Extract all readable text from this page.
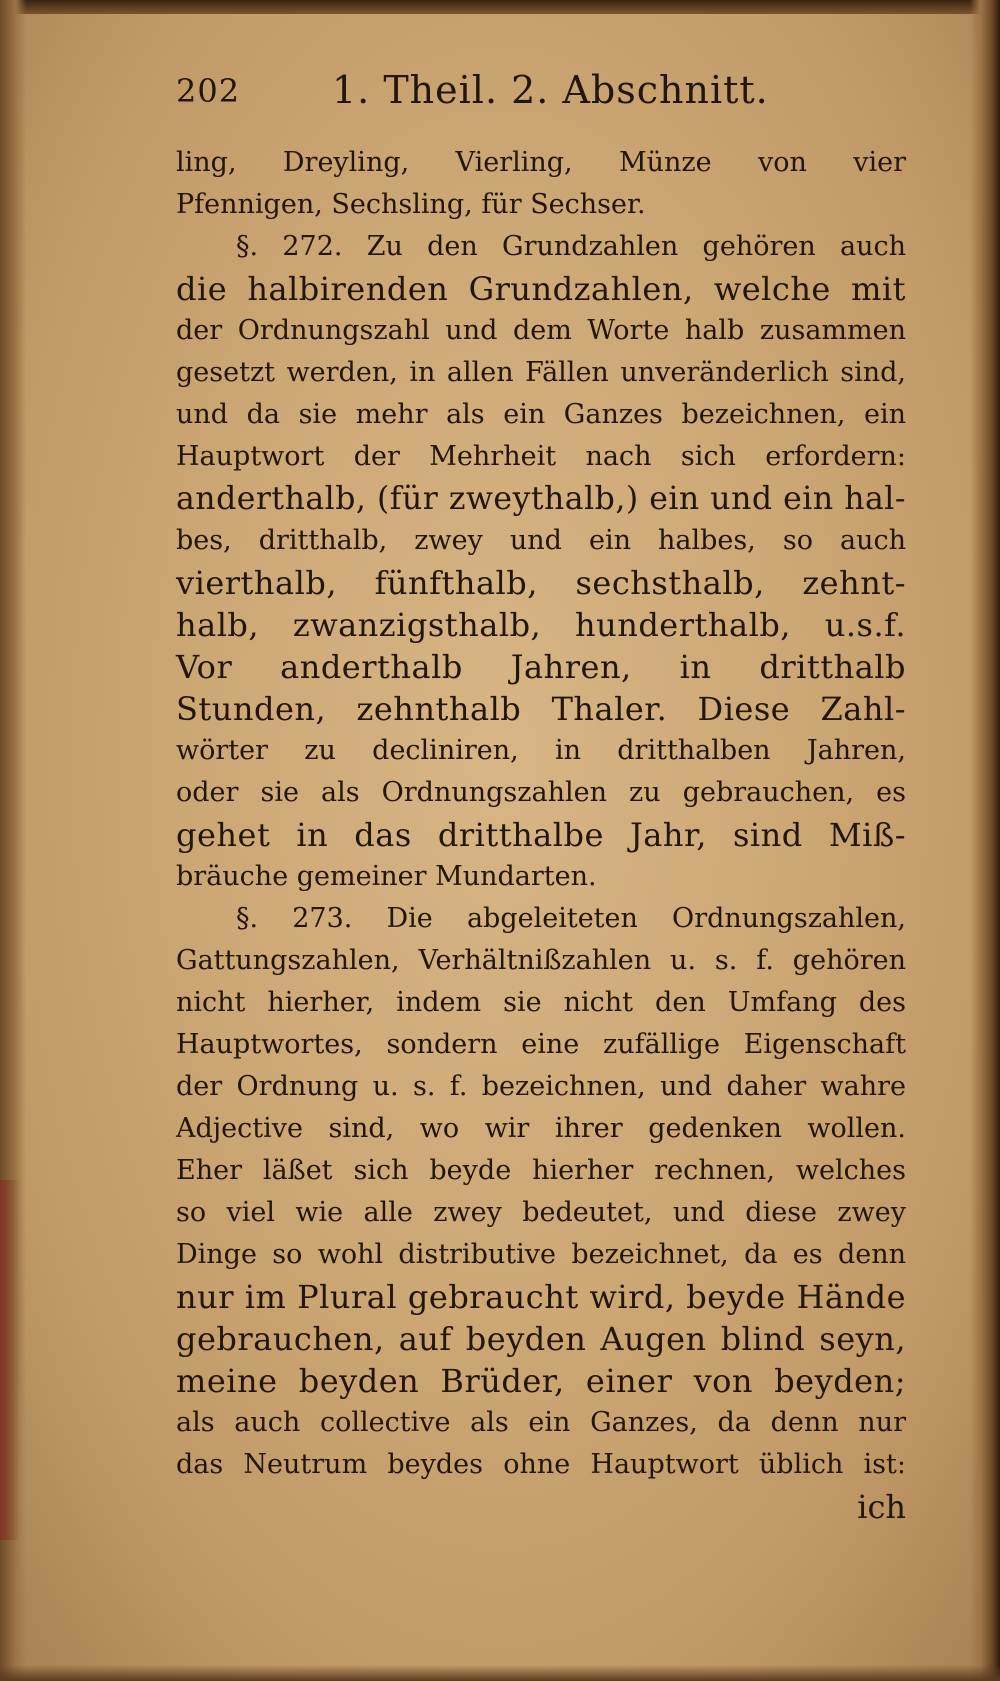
202 1. Theil. 2. Abschnitt.
ling, Dreyling, Vierling, Münze von vier
Pfennigen, Sechsling, für Sechser.
§. 272. Zu den Grundzahlen gehören auch
die halbirenden Grundzahlen, welche mit
der Ordnungszahl und dem Worte halb zusammen
gesetzt werden, in allen Fällen unveränderlich sind,
und da sie mehr als ein Ganzes bezeichnen, ein
Hauptwort der Mehrheit nach sich erfordern:
anderthalb, (für zweythalb,) ein und ein hal-
bes, dritthalb, zwey und ein halbes, so auch
vierthalb, fünfthalb, sechsthalb, zehnt-
halb, zwanzigsthalb, hunderthalb, u.s.f.
Vor anderthalb Jahren, in dritthalb
Stunden, zehnthalb Thaler. Diese Zahl-
wörter zu decliniren, in dritthalben Jahren,
oder sie als Ordnungszahlen zu gebrauchen, es
gehet in das dritthalbe Jahr, sind Miß-
bräuche gemeiner Mundarten.
§. 273. Die abgeleiteten Ordnungszahlen,
Gattungszahlen, Verhältnißzahlen u. s. f. gehören
nicht hierher, indem sie nicht den Umfang des
Hauptwortes, sondern eine zufällige Eigenschaft
der Ordnung u. s. f. bezeichnen, und daher wahre
Adjective sind, wo wir ihrer gedenken wollen.
Eher läßet sich beyde hierher rechnen, welches
so viel wie alle zwey bedeutet, und diese zwey
Dinge so wohl distributive bezeichnet, da es denn
nur im Plural gebraucht wird, beyde Hände
gebrauchen, auf beyden Augen blind seyn,
meine beyden Brüder, einer von beyden;
als auch collective als ein Ganzes, da denn nur
das Neutrum beydes ohne Hauptwort üblich ist:
ich
